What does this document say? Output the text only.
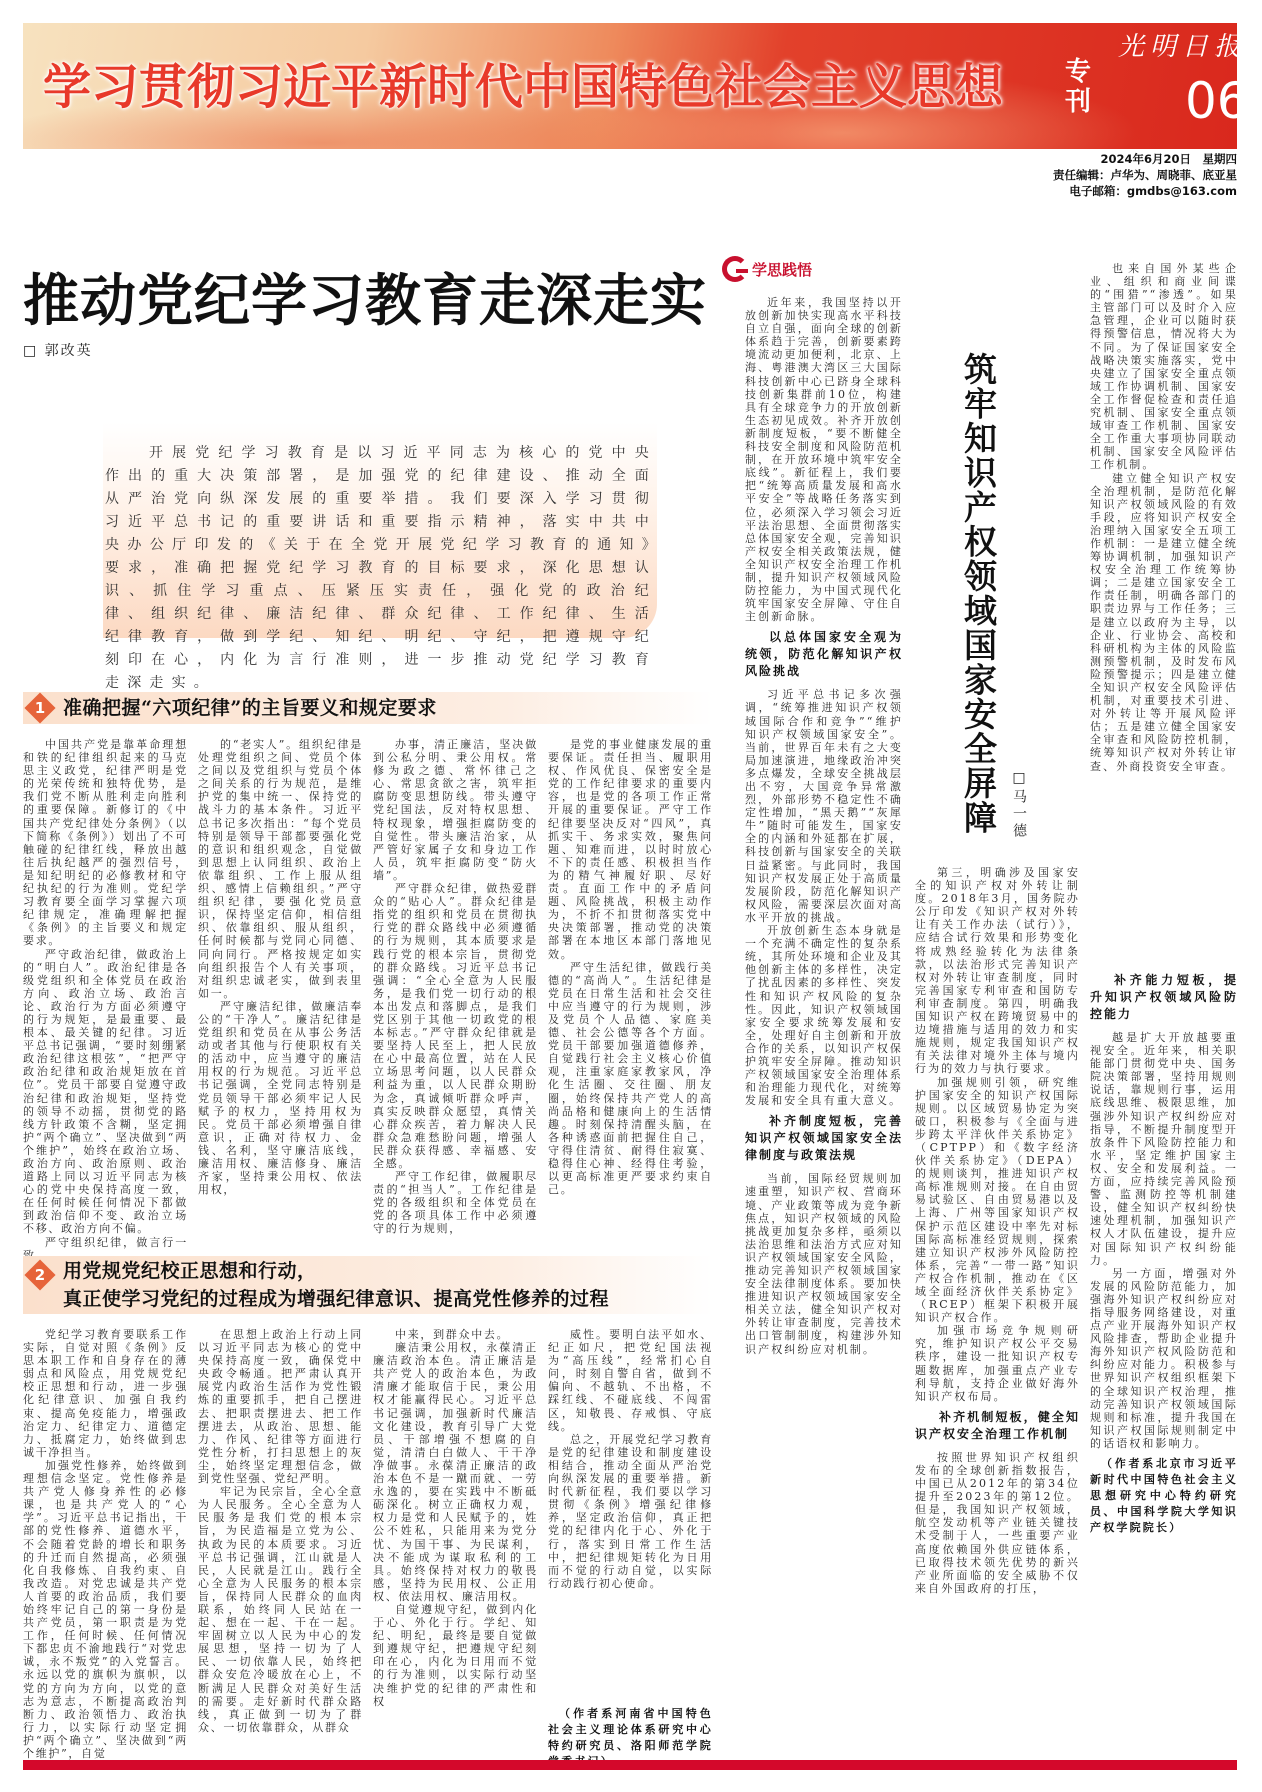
学习贯彻习近平新时代中国特色社会主义思想	专刊
光明日报
06
2024年6月20日　星期四
责任编辑：卢华为、周晓菲、底亚星
电子邮箱：gmdbs@163.com
推动党纪学习教育走深走实
□ 郭改英

开展党纪学习教育是以习近平同志为核心的党中央作出的重大决策部署，是加强党的纪律建设、推动全面从严治党向纵深发展的重要举措。我们要深入学习贯彻习近平总书记的重要讲话和重要指示精神，落实中共中央办公厅印发的《关于在全党开展党纪学习教育的通知》要求，准确把握党纪学习教育的目标要求，深化思想认识、抓住学习重点、压紧压实责任，强化党的政治纪律、组织纪律、廉洁纪律、群众纪律、工作纪律、生活纪律教育，做到学纪、知纪、明纪、守纪，把遵规守纪刻印在心，内化为言行准则，进一步推动党纪学习教育走深走实。

1 准确把握“六项纪律”的主旨要义和规定要求

中国共产党是靠革命理想和铁的纪律组织起来的马克思主义政党，纪律严明是党的光荣传统和独特优势，是我们党不断从胜利走向胜利的重要保障。新修订的《中国共产党纪律处分条例》（以下简称《条例》）划出了不可触碰的纪律红线，释放出越往后执纪越严的强烈信号，是知纪明纪的必修教材和守纪执纪的行为准则。党纪学习教育要全面学习掌握六项纪律规定，准确理解把握《条例》的主旨要义和规定要求。

严守政治纪律，做政治上的“明白人”。政治纪律是各级党组织和全体党员在政治方向、政治立场、政治言论、政治行为方面必须遵守的行为规矩，是最重要、最根本、最关键的纪律。习近平总书记强调，“要时刻绷紧政治纪律这根弦”，“把严守政治纪律和政治规矩放在首位”。党员干部要自觉遵守政治纪律和政治规矩，坚持党的领导不动摇，贯彻党的路线方针政策不含糊，坚定拥护“两个确立”、坚决做到“两个维护”，始终在政治立场、政治方向、政治原则、政治道路上同以习近平同志为核心的党中央保持高度一致，在任何时候任何情况下都做到政治信仰不变、政治立场不移、政治方向不偏。

严守组织纪律，做言行一

的“老实人”。组织纪律是处理党组织之间、党员个体之间以及党组织与党员个体之间关系的行为规范，是维护党的集中统一、保持党的战斗力的基本条件。习近平总书记多次指出：“每个党员特别是领导干部都要强化党的意识和组织观念，自觉做到思想上认同组织、政治上依靠组织、工作上服从组织、感情上信赖组织。”严守组织纪律，要强化党员意识，保持坚定信仰，相信组织、依靠组织、服从组织，任何时候都与党同心同德、同向同行。严格按规定如实向组织报告个人有关事项，对组织忠诚老实，做到表里如一。

严守廉洁纪律，做廉洁奉公的“干净人”。廉洁纪律是党组织和党员在从事公务活动或者其他与行使职权有关的活动中，应当遵守的廉洁用权的行为规范。习近平总书记强调，全党同志特别是党员领导干部必须牢记人民赋予的权力，坚持用权为民。党员干部必须增强自律意识，正确对待权力、金钱、名利，坚守廉洁底线，廉洁用权、廉洁修身、廉洁齐家，坚持秉公用权、依法用权，

办事，清正廉洁，坚决做到公私分明、秉公用权。常修为政之德、常怀律己之心、常思贪欲之害，筑牢拒腐防变思想防线。带头遵守党纪国法，反对特权思想、特权现象，增强拒腐防变的自觉性。带头廉洁治家，从严管好家属子女和身边工作人员，筑牢拒腐防变“防火墙”。

严守群众纪律，做热爱群众的“贴心人”。群众纪律是指党的组织和党员在贯彻执行党的群众路线中必须遵循的行为规则，其本质要求是践行党的根本宗旨，贯彻党的群众路线。习近平总书记强调：“全心全意为人民服务，是我们党一切行动的根本出发点和落脚点，是我们党区别于其他一切政党的根本标志。”严守群众纪律就是要坚持人民至上，把人民放在心中最高位置，站在人民立场思考问题，以人民群众利益为重，以人民群众期盼为念，真诚倾听群众呼声，真实反映群众愿望，真情关心群众疾苦，着力解决人民群众急难愁盼问题，增强人民群众获得感、幸福感、安全感。

严守工作纪律，做履职尽责的“担当人”。工作纪律是党的各级组织和全体党员在党的各项具体工作中必须遵守的行为规则，

是党的事业健康发展的重要保证。责任担当、履职用权、作风优良、保密安全是党的工作纪律要求的重要内容，也是党的各项工作正常开展的重要保证。严守工作纪律要坚决反对“四风”，真抓实干、务求实效，聚焦问题、知难而进，以时时放心不下的责任感、积极担当作为的精气神履好职、尽好责。直面工作中的矛盾问题、风险挑战，积极主动作为，不折不扣贯彻落实党中央决策部署，推动党的决策部署在本地区本部门落地见效。

严守生活纪律，做践行美德的“高尚人”。生活纪律是党员在日常生活和社会交往中应当遵守的行为规则，涉及党员个人品德、家庭美德、社会公德等各个方面。党员干部要加强道德修养，自觉践行社会主义核心价值观，注重家庭家教家风，净化生活圈、交往圈、朋友圈，始终保持共产党人的高尚品格和健康向上的生活情趣。时刻保持清醒头脑，在各种诱惑面前把握住自己，守得住清贫、耐得住寂寞、稳得住心神、经得住考验，以更高标准更严要求约束自己。

2 用党规党纪校正思想和行动，
真正使学习党纪的过程成为增强纪律意识、提高党性修养的过程

党纪学习教育要联系工作实际，自觉对照《条例》反思本职工作和自身存在的薄弱点和风险点，用党规党纪校正思想和行动，进一步强化纪律意识、加强自我约束、提高免疫能力，增强政治定力、纪律定力、道德定力、抵腐定力，始终做到忠诚干净担当。

加强党性修养，始终做到理想信念坚定。党性修养是共产党人修身养性的必修课，也是共产党人的“心学”。习近平总书记指出，干部的党性修养、道德水平，不会随着党龄的增长和职务的升迁而自然提高，必须强化自我修炼、自我约束、自我改造。对党忠诚是共产党人首要的政治品质，我们要始终牢记自己的第一身份是共产党员，第一职责是为党工作，任何时候、任何情况下都忠贞不渝地践行“对党忠诚，永不叛党”的入党誓言。永远以党的旗帜为旗帜，以党的方向为方向，以党的意志为意志，不断提高政治判断力、政治领悟力、政治执行力，以实际行动坚定拥护“两个确立”、坚决做到“两个维护”，自觉

在思想上政治上行动上同以习近平同志为核心的党中央保持高度一致，确保党中央政令畅通。把严肃认真开展党内政治生活作为党性锻炼的重要抓手，把自己摆进去、把职责摆进去、把工作摆进去，从政治、思想、能力、作风、纪律等方面进行党性分析，打扫思想上的灰尘，始终坚定理想信念，做到党性坚强、党纪严明。

牢记为民宗旨，全心全意为人民服务。全心全意为人民服务是我们党的根本宗旨，为民造福是立党为公、执政为民的本质要求。习近平总书记强调，江山就是人民，人民就是江山。践行全心全意为人民服务的根本宗旨，保持同人民群众的血肉联系，始终同人民站在一起、想在一起、干在一起。牢固树立以人民为中心的发展思想，坚持一切为了人民、一切依靠人民，始终把群众安危冷暖放在心上，不断满足人民群众对美好生活的需要。走好新时代群众路线，真正做到一切为了群众、一切依靠群众，从群众

中来，到群众中去。

廉洁秉公用权，永葆清正廉洁政治本色。清正廉洁是共产党人的政治本色，为政清廉才能取信于民，秉公用权才能赢得民心。习近平总书记强调，加强新时代廉洁文化建设，教育引导广大党员、干部增强不想腐的自觉，清清白白做人、干干净净做事。永葆清正廉洁的政治本色不是一蹴而就、一劳永逸的，要在实践中不断砥砺深化。树立正确权力观，权力是党和人民赋予的，姓公不姓私，只能用来为党分忧、为国干事、为民谋利，决不能成为谋取私利的工具。始终保持对权力的敬畏感，坚持为民用权、公正用权、依法用权、廉洁用权。

自觉遵规守纪，做到内化于心、外化于行。学纪、知纪、明纪，最终是要自觉做到遵规守纪，把遵规守纪刻印在心，内化为日用而不觉的行为准则，以实际行动坚决维护党的纪律的严肃性和权

威性。要明白法平如水、纪正如尺，把党纪国法视为“高压线”，经常扪心自问，时刻自警自省，做到不偏向、不越轨、不出格，不踩红线、不碰底线、不闯雷区，知敬畏、存戒惧、守底线。

总之，开展党纪学习教育是党的纪律建设和制度建设相结合，推动全面从严治党向纵深发展的重要举措。新时代新征程，我们要以学习贯彻《条例》增强纪律修养，坚定政治信仰，真正把党的纪律内化于心、外化于行，落实到日常工作生活中，把纪律规矩转化为日用而不觉的行动自觉，以实际行动践行初心使命。

（作者系河南省中国特色社会主义理论体系研究中心特约研究员、洛阳师范学院
学思践悟
筑牢知识产权领域国家安全屏障 □马一德

近年来，我国坚持以开放创新加快实现高水平科技自立自强，面向全球的创新体系趋于完善，创新要素跨境流动更加便利，北京、上海、粤港澳大湾区三大国际科技创新中心已跻身全球科技创新集群前10位，构建具有全球竞争力的开放创新生态初见成效。补齐开放创新制度短板，“要不断健全科技安全制度和风险防范机制，在开放环境中筑牢安全底线”。新征程上，我们要把“统筹高质量发展和高水平安全”等战略任务落实到位，必须深入学习领会习近平法治思想、全面贯彻落实总体国家安全观，完善知识产权安全相关政策法规，健全知识产权安全治理工作机制，提升知识产权领域风险防控能力，为中国式现代化筑牢国家安全屏障、守住自主创新命脉。

以总体国家安全观为统领，防范化解知识产权风险挑战

习近平总书记多次强调，“统筹推进知识产权领域国际合作和竞争”“维护知识产权领域国家安全”。当前，世界百年未有之大变局加速演进，地缘政治冲突多点爆发，全球安全挑战层出不穷，大国竞争异常激烈，外部形势不稳定性不确定性增加，“黑天鹅”“灰犀牛”随时可能发生，国家安全的内涵和外延都在扩展，科技创新与国家安全的关联日益紧密。与此同时，我国知识产权发展正处于高质量发展阶段，防范化解知识产权风险，需要深层次面对高水平开放的挑战。

开放创新生态本身就是一个充满不确定性的复杂系统，其所处环境和企业及其他创新主体的多样性，决定了扰乱因素的多样性、突发性和知识产权风险的复杂性。因此，知识产权领域国家安全要求统筹发展和安全，处理好自主创新和开放合作的关系，以知识产权保护筑牢安全屏障。推动知识产权领域国家安全治理体系和治理能力现代化，对统筹发展和安全具有重大意义。

补齐制度短板，完善知识产权领域国家安全法律制度与政策法规

当前，国际经贸规则加速重塑，知识产权、营商环境、产业政策等成为竞争新焦点，知识产权领域的风险挑战更加复杂多样，亟须以法治思维和法治方式应对知识产权领域国家安全风险，推动完善知识产权领域国家安全法律制度体系。要加快推进知识产权领域国家安全相关立法，健全知识产权对外转让审查制度，完善技术出口管制制度，构建涉外知识产权纠纷应对机制。

第三，明确涉及国家安全的知识产权对外转让制度。2018年3月，国务院办公厅印发《知识产权对外转让有关工作办法（试行）》，应结合试行效果和形势变化将成熟经验转化为法律条款，以法治形式完善知识产权对外转让审查制度，同时完善国家专利审查和国防专利审查制度。第四，明确我国知识产权在跨境贸易中的边境措施与适用的效力和实施规则，规定我国知识产权有关法律对境外主体与境内行为的效力与执行要求。

加强规则引领，研究维护国家安全的知识产权国际规则。以区域贸易协定为突破口，积极参与《全面与进步跨太平洋伙伴关系协定》（CPTPP）和《数字经济伙伴关系协定》（DEPA）的规则谈判，推进知识产权高标准规则对接。在自由贸易试验区、自由贸易港以及上海、广州等国家知识产权保护示范区建设中率先对标国际高标准经贸规则，探索建立知识产权涉外风险防控体系，完善“一带一路”知识产权合作机制，推动在《区域全面经济伙伴关系协定》（RCEP）框架下积极开展知识产权合作。

加强市场竞争规则研究，维护知识产权公平交易秩序，建设一批知识产权专题数据库，加强重点产业专利导航，支持企业做好海外知识产权布局。

补齐机制短板，健全知识产权安全治理工作机制

按照世界知识产权组织发布的全球创新指数报告，中国已从2012年的第34位提升至2023年的第12位。但是，我国知识产权领域，航空发动机等产业链关键技术受制于人，一些重要产业高度依赖国外供应链体系，已取得技术领先优势的新兴产业所面临的安全威胁不仅来自外国政府的打压，

也来自国外某些企业、组织和商业间谍的“围猎”“渗透”。如果主管部门可以及时介入应急管理，企业可以随时获得预警信息，情况将大为不同。为了保证国家安全战略决策实施落实，党中央建立了国家安全重点领域工作协调机制、国家安全工作督促检查和责任追究机制、国家安全重点领域审查工作机制、国家安全工作重大事项协同联动机制、国家安全风险评估工作机制。

建立健全知识产权安全治理机制，是防范化解知识产权领域风险的有效手段，应将知识产权安全治理纳入国家安全五项工作机制：一是建立健全统筹协调机制，加强知识产权安全治理工作统筹协调；二是建立国家安全工作责任制，明确各部门的职责边界与工作任务；三是建立以政府为主导，以企业、行业协会、高校和科研机构为主体的风险监测预警机制，及时发布风险预警提示；四是建立健全知识产权安全风险评估机制，对重要技术引进、对外转让等开展风险评估；五是建立健全国家安全审查和风险防控机制，统筹知识产权对外转让审查、外商投资安全审查。

补齐能力短板，提升知识产权领域风险防控能力

越是扩大开放越要重视安全。近年来，相关职能部门贯彻党中央、国务院决策部署，坚持用规则说话，靠规则行事，运用底线思维、极限思维，加强涉外知识产权纠纷应对指导，不断提升制度型开放条件下风险防控能力和水平，坚定维护国家主权、安全和发展利益。一方面，应持续完善风险预警、监测防控等机制建设，健全知识产权纠纷快速处理机制，加强知识产权人才队伍建设，提升应对国际知识产权纠纷能力。

另一方面，增强对外发展的风险防范能力，加强海外知识产权纠纷应对指导服务网络建设，对重点产业开展海外知识产权风险排查，帮助企业提升海外知识产权风险防范和纠纷应对能力。积极参与世界知识产权组织框架下的全球知识产权治理，推动完善知识产权领域国际规则和标准，提升我国在知识产权国际规则制定中的话语权和影响力。

（作者系北京市习近平新时代中国特色社会主义思想研究中心特约研究员、中国科学院大学知识产权学院院长）
